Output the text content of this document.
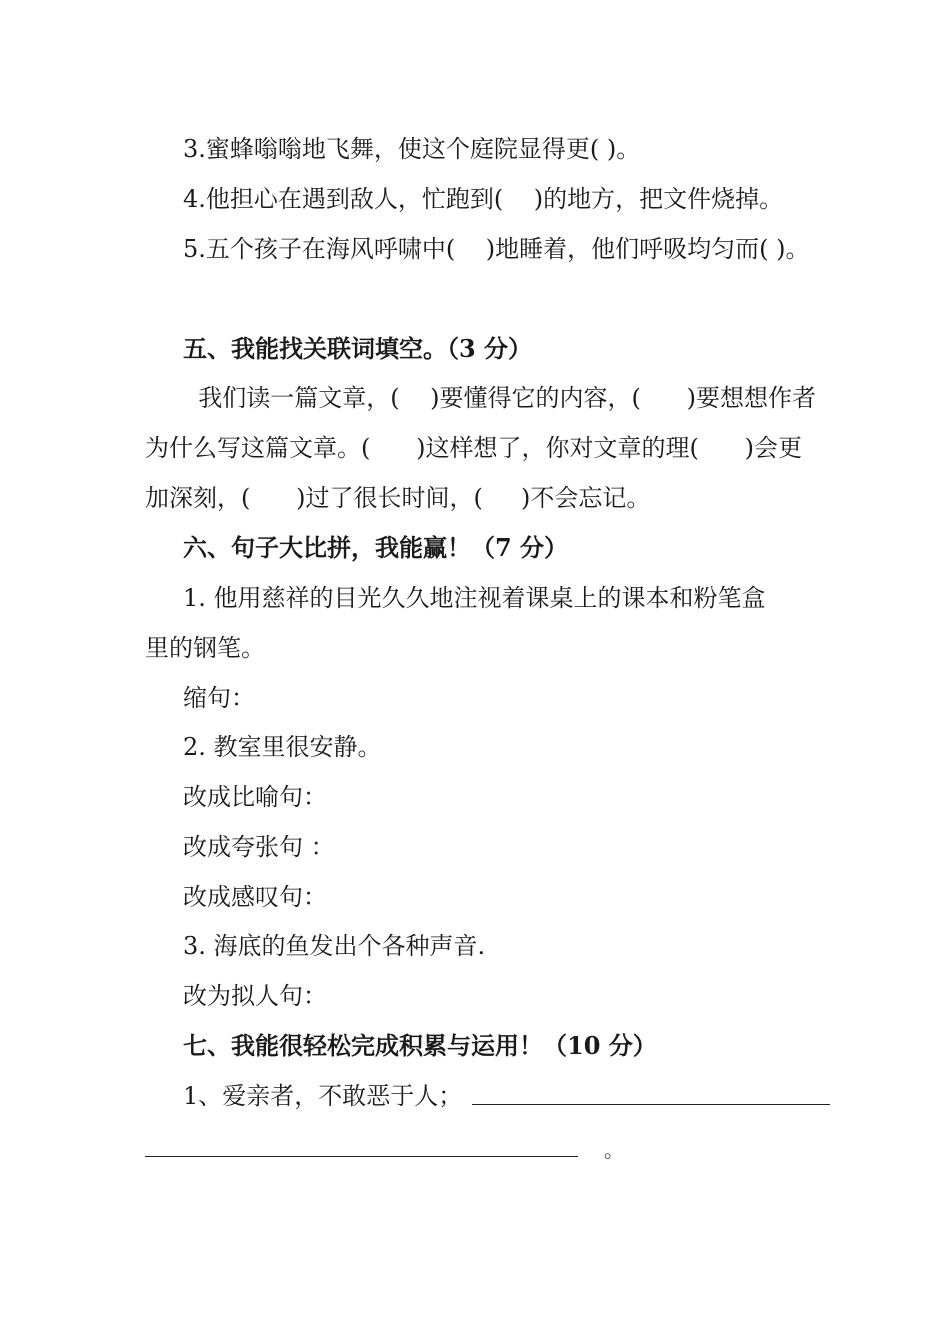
3.蜜蜂嗡嗡地飞舞，使这个庭院显得更( )。

4.他担心在遇到敌人，忙跑到(    )的地方，把文件烧掉。

5.五个孩子在海风呼啸中(    )地睡着，他们呼吸均匀而( )。

五、我能找关联词填空。（3 分）

我们读一篇文章，(    )要懂得它的内容，(      )要想想作者

为什么写这篇文章。(      )这样想了，你对文章的理(      )会更

加深刻，(      )过了很长时间，(     )不会忘记。

六、句子大比拼，我能赢！（7 分）

1. 他用慈祥的目光久久地注视着课桌上的课本和粉笔盒

里的钢笔。

缩句：

2. 教室里很安静。

改成比喻句：

改成夸张句 ：

改成感叹句：

3. 海底的鱼发出个各种声音.

改为拟人句：

七、我能很轻松完成积累与运用！（10 分）

1、爱亲者，不敢恶于人；

。
